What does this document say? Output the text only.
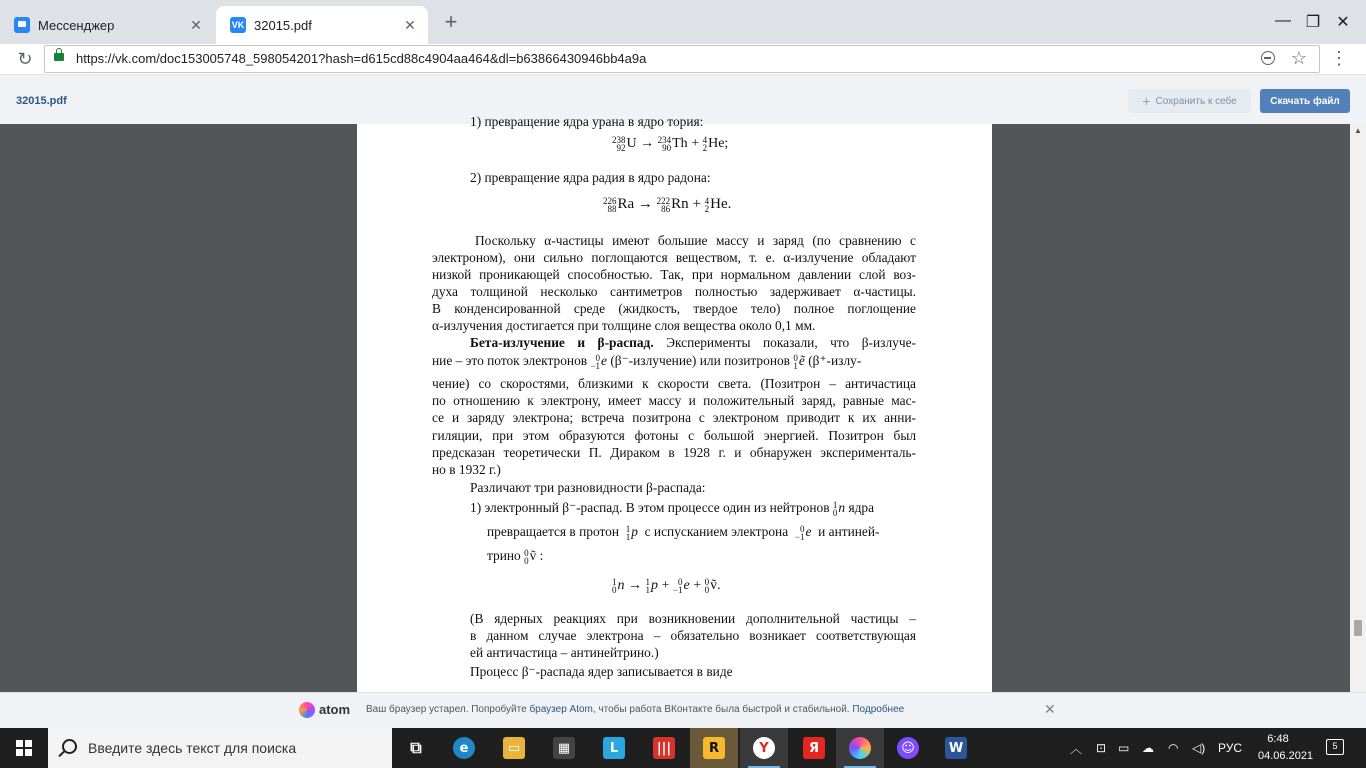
Мессенджер	✕	VK 32015.pdf	✕ +	— ❐	✕
↻	https://vk.com/doc153005748_598054201?hash=d615cd88c4904aa464&dl=b63866430946bb4a9a	☆ ⋮
32015.pdf	+ Сохранить к себе	Скачать файл
1) превращение ядра урана в ядро тория:
238
92 U → 234
90 Th + 4
2 He;
2) превращение ядра радия в ядро радона:
226
88 Ra → 222
86 Rn + 4
2 He.
Поскольку α-частицы имеют большие массу и заряд (по сравнению с
электроном), они сильно поглощаются веществом, т. е. α-излучение обладают
низкой проникающей способностью. Так, при нормальном давлении слой воз-
духа толщиной несколько сантиметров полностью задерживает α-частицы.
В конденсированной среде (жидкость, твердое тело) полное поглощение
α-излучения достигается при толщине слоя вещества около 0,1 мм.
Бета-излучение и β-распад. Эксперименты показали, что β-излуче-
ние – это поток электронов 0
−1 e (β⁻-излучение) или позитронов 0
1 ẽ (β⁺-излу-
чение) со скоростями, близкими к скорости света. (Позитрон – античастица
по отношению к электрону, имеет массу и положительный заряд, равные мас-
се и заряду электрона; встреча позитрона с электроном приводит к их анни-
гиляции, при этом образуются фотоны с большой энергией. Позитрон был
предсказан теоретически П. Дираком в 1928 г. и обнаружен эксперименталь-
но в 1932 г.)
Различают три разновидности β-распада:
1) электронный β⁻-распад. В этом процессе один из нейтронов 1
0 n ядра
превращается в протон 1
1 p с испусканием электрона	0
−1 e и антиней-
трино 0
0 ṽ :
1
0 n → 1
1 p + 0
−1 e + 0
0 ṽ.
(В ядерных реакциях при возникновении дополнительной частицы –
в данном случае электрона – обязательно возникает соответствующая
ей античастица – антинейтрино.)
Процесс β⁻-распада ядер записывается в виде
▲
atom Ваш браузер устарел. Попробуйте браузер Atom, чтобы работа ВКонтакте была быстрой и стабильной. Подробнее	✕
Введите здесь текст для поиска	⧉	e	▭	▦	L	|||	R	Y	Я	☺	W	︿ ⊡ ▭ ☁ ◠ ◁) РУС
6:48
04.06.2021
5
